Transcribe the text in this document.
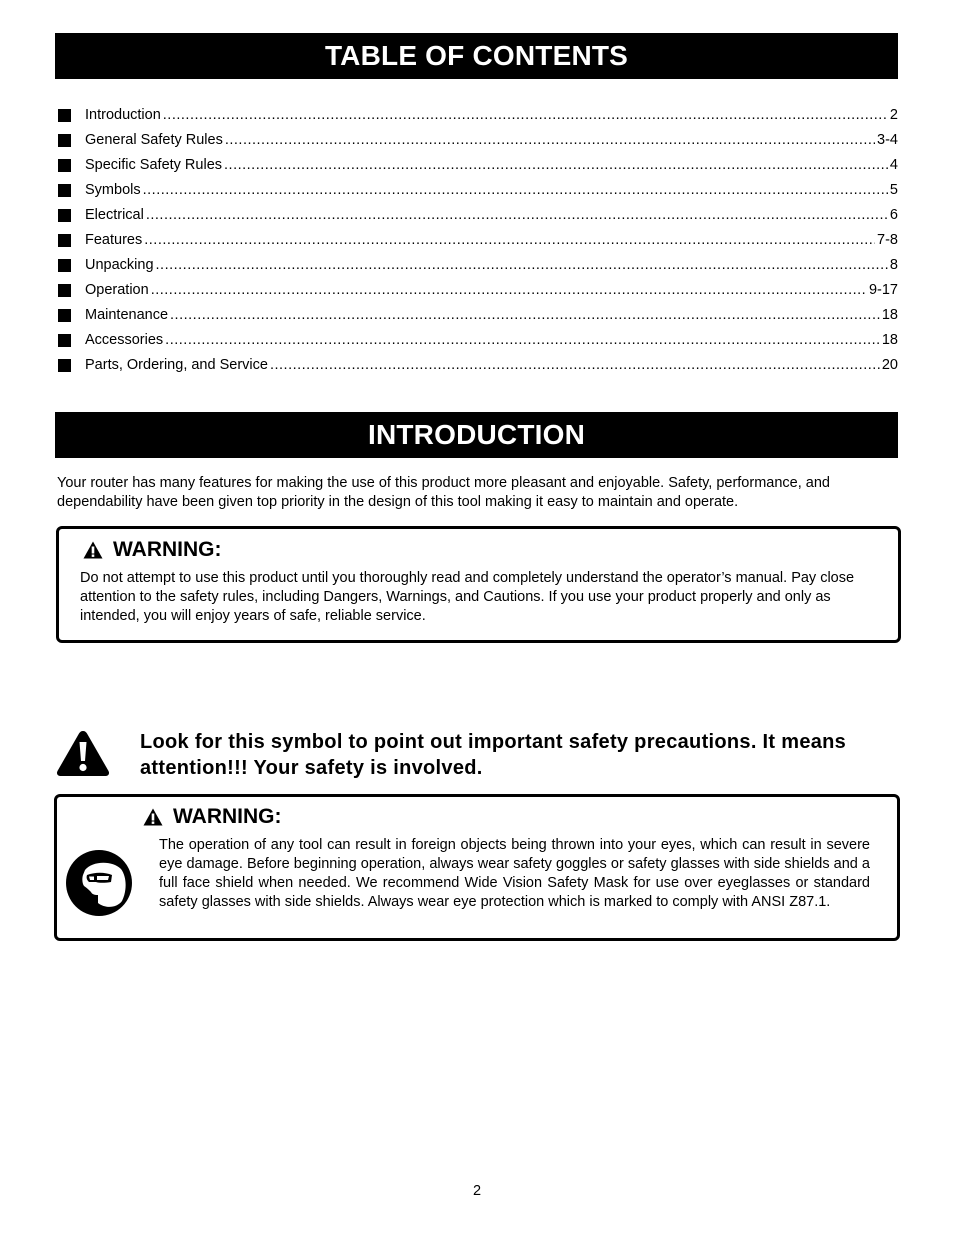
TABLE OF CONTENTS
Introduction .....	2
General Safety Rules .....	3-4
Specific Safety Rules .....	4
Symbols .....	5
Electrical .....	6
Features .....	7-8
Unpacking .....	8
Operation .....	9-17
Maintenance .....	18
Accessories .....	18
Parts, Ordering, and Service .....	20
INTRODUCTION

Your router has many features for making the use of this product more pleasant and enjoyable. Safety, performance, and dependability have been given top priority in the design of this tool making it easy to maintain and operate.

WARNING:

Do not attempt to use this product until you thoroughly read and completely understand the operator’s manual. Pay close attention to the safety rules, including Dangers, Warnings, and Cautions. If you use your product properly and only as intended, you will enjoy years of safe, reliable service.

Look for this symbol to point out important safety precautions. It means attention!!! Your safety is involved.

WARNING:

The operation of any tool can result in foreign objects being thrown into your eyes, which can result in severe eye damage. Before beginning operation, always wear safety goggles or safety glasses with side shields and a full face shield when needed. We recommend Wide Vision Safety Mask for use over eyeglasses or standard safety glasses with side shields. Always wear eye protection which is marked to comply with ANSI Z87.1.

2
